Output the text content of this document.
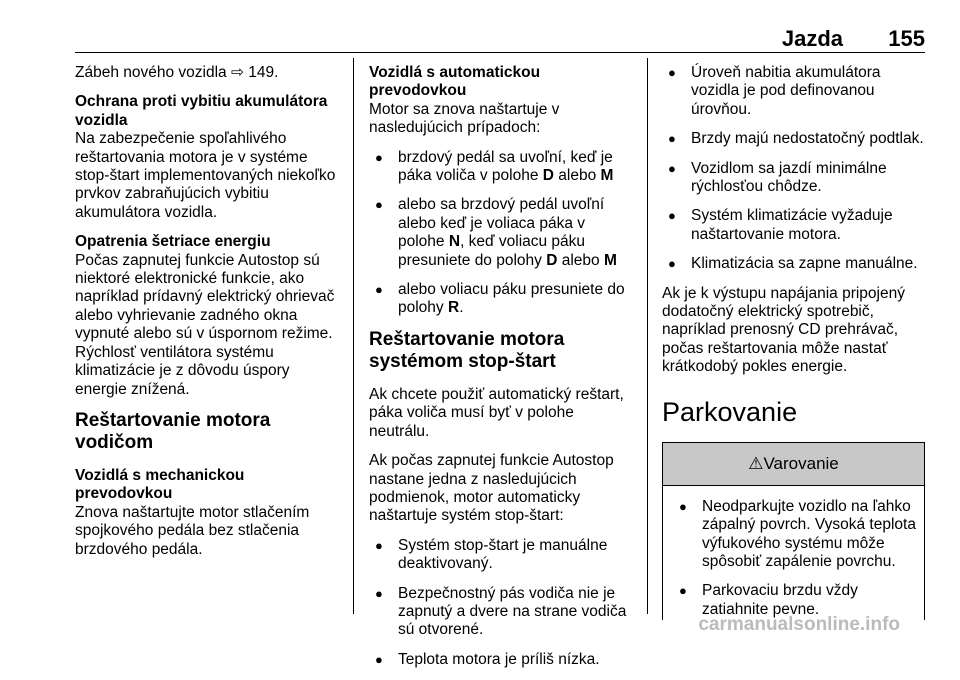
Jazda 155

Zábeh nového vozidla ⇨ 149.

Ochrana proti vybitiu akumulátora vozidla

Na zabezpečenie spoľahlivého reštartovania motora je v systéme stop-štart implementovaných niekoľko prvkov zabraňujúcich vybitiu akumulátora vozidla.

Opatrenia šetriace energiu

Počas zapnutej funkcie Autostop sú niektoré elektronické funkcie, ako napríklad prídavný elektrický ohrievač alebo vyhrievanie zadného okna vypnuté alebo sú v úspornom režime. Rýchlosť ventilátora systému klimatizácie je z dôvodu úspory energie znížená.

Reštartovanie motora vodičom
Vozidlá s mechanickou prevodovkou

Znova naštartujte motor stlačením spojkového pedála bez stlačenia brzdového pedála.

Vozidlá s automatickou prevodovkou

Motor sa znova naštartuje v nasledujúcich prípadoch:

● brzdový pedál sa uvoľní, keď je páka voliča v polohe D alebo M
● alebo sa brzdový pedál uvoľní alebo keď je voliaca páka v polohe N, keď voliacu páku presuniete do polohy D alebo M
● alebo voliacu páku presuniete do polohy R.
Reštartovanie motora systémom stop-štart

Ak chcete použiť automatický reštart, páka voliča musí byť v polohe neutrálu.

Ak počas zapnutej funkcie Autostop nastane jedna z nasledujúcich podmienok, motor automaticky naštartuje systém stop-štart:

● Systém stop-štart je manuálne deaktivovaný.
● Bezpečnostný pás vodiča nie je zapnutý a dvere na strane vodiča sú otvorené.
● Teplota motora je príliš nízka.
● Úroveň nabitia akumulátora vozidla je pod definovanou úrovňou.
● Brzdy majú nedostatočný podtlak.
● Vozidlom sa jazdí minimálne rýchlosťou chôdze.
● Systém klimatizácie vyžaduje naštartovanie motora.
● Klimatizácia sa zapne manuálne.

Ak je k výstupu napájania pripojený dodatočný elektrický spotrebič, napríklad prenosný CD prehrávač, počas reštartovania môže nastať krátkodobý pokles energie.

Parkovanie
⚠Varovanie
● Neodparkujte vozidlo na ľahko zápalný povrch. Vysoká teplota výfukového systému môže spôsobiť zapálenie povrchu.
● Parkovaciu brzdu vždy zatiahnite pevne.
carmanualsonline.info
